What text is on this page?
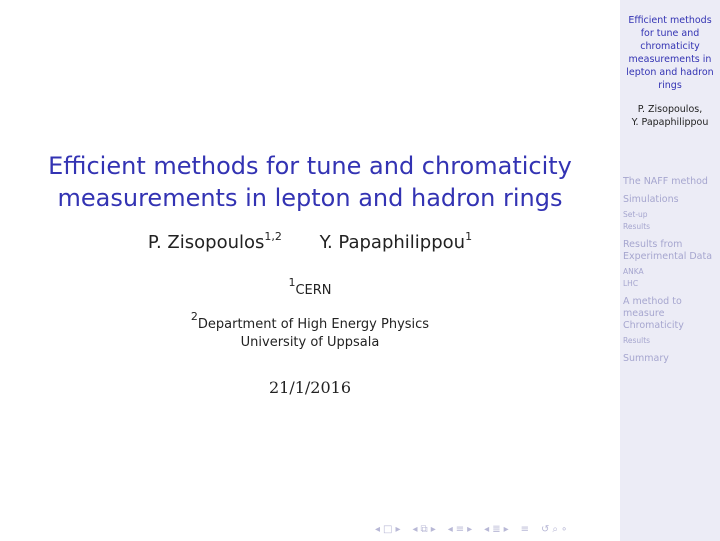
Efficient methods for tune and chromaticity
measurements in lepton and hadron rings
P. Zisopoulos$^{1,2}$ Y. Papaphilippou$^1$
$^1$CERN
$^2$Department of High Energy Physics
University of Uppsala
21/1/2016
◂ □ ▸ ◂ ⧉ ▸ ◂ ≡ ▸ ◂ ≣ ▸ ≡ ↺ ⌕ ∘
Efficient methods
for tune and
chromaticity
measurements in
lepton and hadron
rings
P. Zisopoulos,
Y. Papaphilippou
The NAFF method
Simulations
Set-up
Results
Results from Experimental Data
ANKA
LHC
A method to measure Chromaticity
Results
Summary
